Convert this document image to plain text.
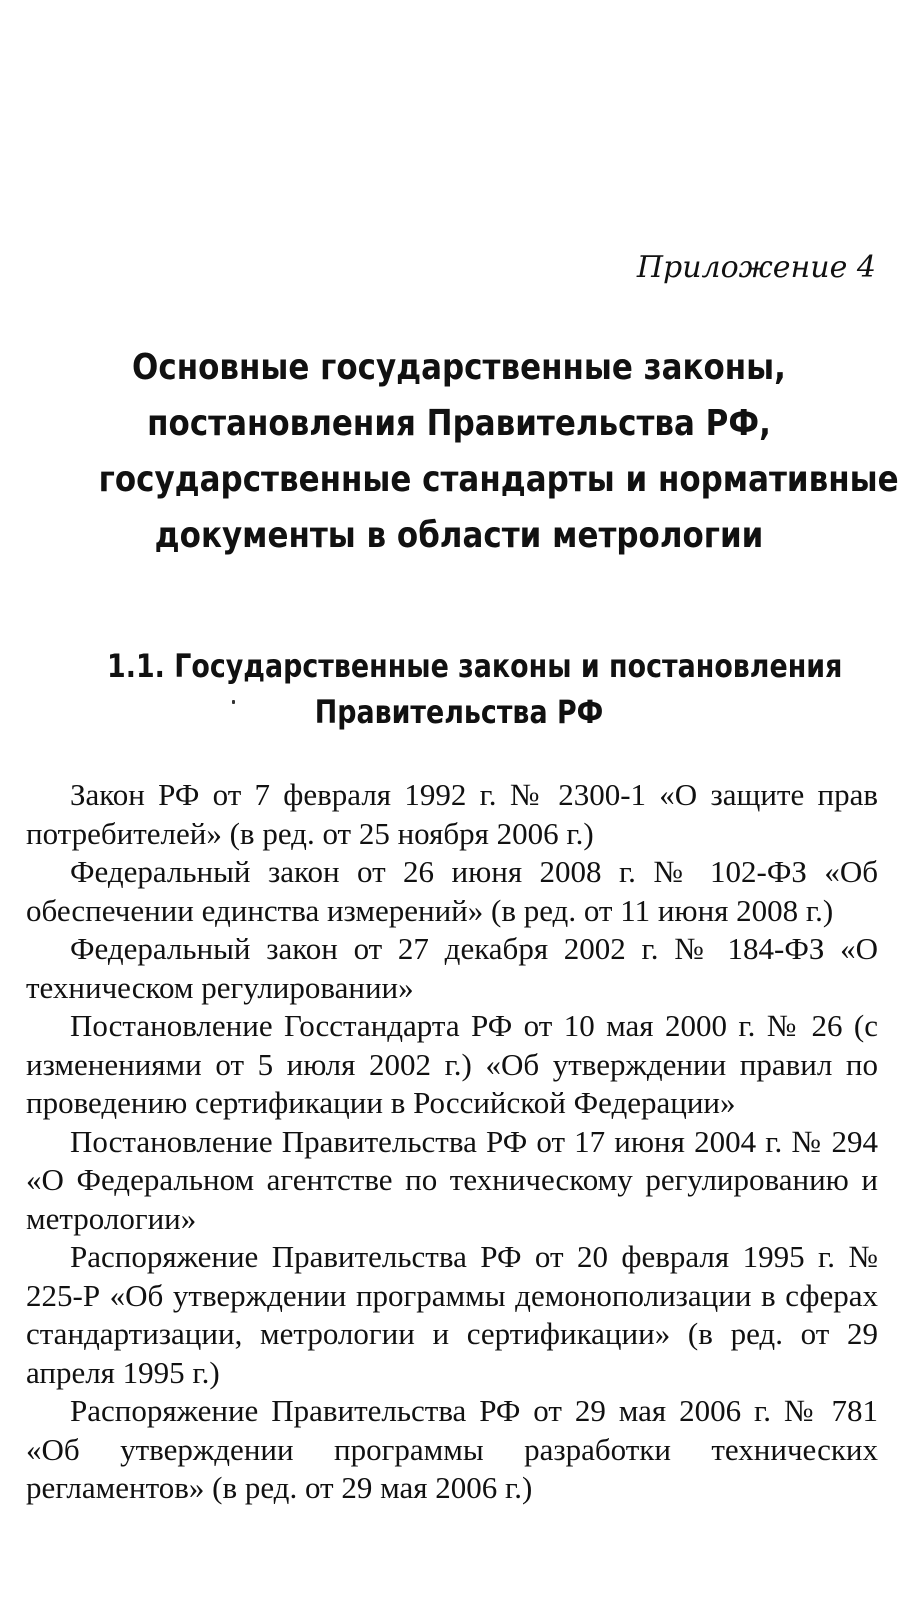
Приложение 4

Основные государственные законы,
постановления Правительства РФ,
государственные стандарты и нормативные
документы в области метрологии
1.1. Государственные законы и постановления
Правительства РФ

Закон РФ от 7 февраля 1992 г. № 2300-1 «О защите прав потребителей» (в ред. от 25 ноября 2006 г.)

Федеральный закон от 26 июня 2008 г. № 102-ФЗ «Об обеспечении единства измерений» (в ред. от 11 июня 2008 г.)

Федеральный закон от 27 декабря 2002 г. № 184-ФЗ «О техническом регулировании»

Постановление Госстандарта РФ от 10 мая 2000 г. № 26 (с изменениями от 5 июля 2002 г.) «Об утверждении правил по проведению сертификации в Российской Федерации»

Постановление Правительства РФ от 17 июня 2004 г. № 294 «О Федеральном агентстве по техническому регулированию и метрологии»

Распоряжение Правительства РФ от 20 февраля 1995 г. № 225-Р «Об утверждении программы демонополизации в сферах стандартизации, метрологии и сертификации» (в ред. от 29 апреля 1995 г.)

Распоряжение Правительства РФ от 29 мая 2006 г. № 781 «Об утверждении программы разработки технических регламентов» (в ред. от 29 мая 2006 г.)
